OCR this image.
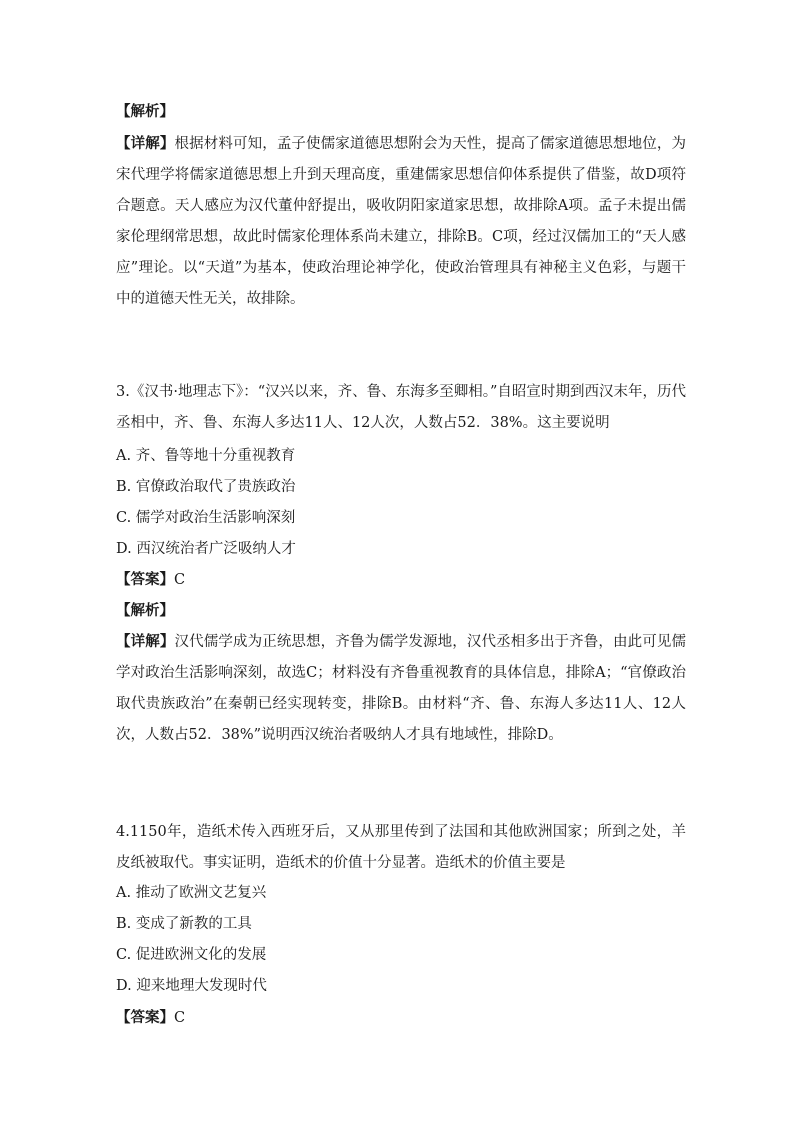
【解析】
【详解】根据材料可知，孟子使儒家道德思想附会为天性，提高了儒家道德思想地位，为宋代理学将儒家道德思想上升到天理高度，重建儒家思想信仰体系提供了借鉴，故D项符合题意。天人感应为汉代董仲舒提出，吸收阴阳家道家思想，故排除A项。孟子未提出儒家伦理纲常思想，故此时儒家伦理体系尚未建立，排除B。C项，经过汉儒加工的“天人感应”理论。以“天道”为基本，使政治理论神学化，使政治管理具有神秘主义色彩，与题干中的道德天性无关，故排除。
3.《汉书·地理志下》：“汉兴以来，齐、鲁、东海多至卿相。”自昭宣时期到西汉末年，历代丞相中，齐、鲁、东海人多达11人、12人次，人数占52．38%。这主要说明
A. 齐、鲁等地十分重视教育
B. 官僚政治取代了贵族政治
C. 儒学对政治生活影响深刻
D. 西汉统治者广泛吸纳人才
【答案】C
【解析】
【详解】汉代儒学成为正统思想，齐鲁为儒学发源地，汉代丞相多出于齐鲁，由此可见儒学对政治生活影响深刻，故选C；材料没有齐鲁重视教育的具体信息，排除A；“官僚政治取代贵族政治”在秦朝已经实现转变，排除B。由材料“齐、鲁、东海人多达11人、12人次，人数占52．38%”说明西汉统治者吸纳人才具有地域性，排除D。
4.1150年，造纸术传入西班牙后，又从那里传到了法国和其他欧洲国家；所到之处，羊皮纸被取代。事实证明，造纸术的价值十分显著。造纸术的价值主要是
A. 推动了欧洲文艺复兴
B. 变成了新教的工具
C. 促进欧洲文化的发展
D. 迎来地理大发现时代
【答案】C
